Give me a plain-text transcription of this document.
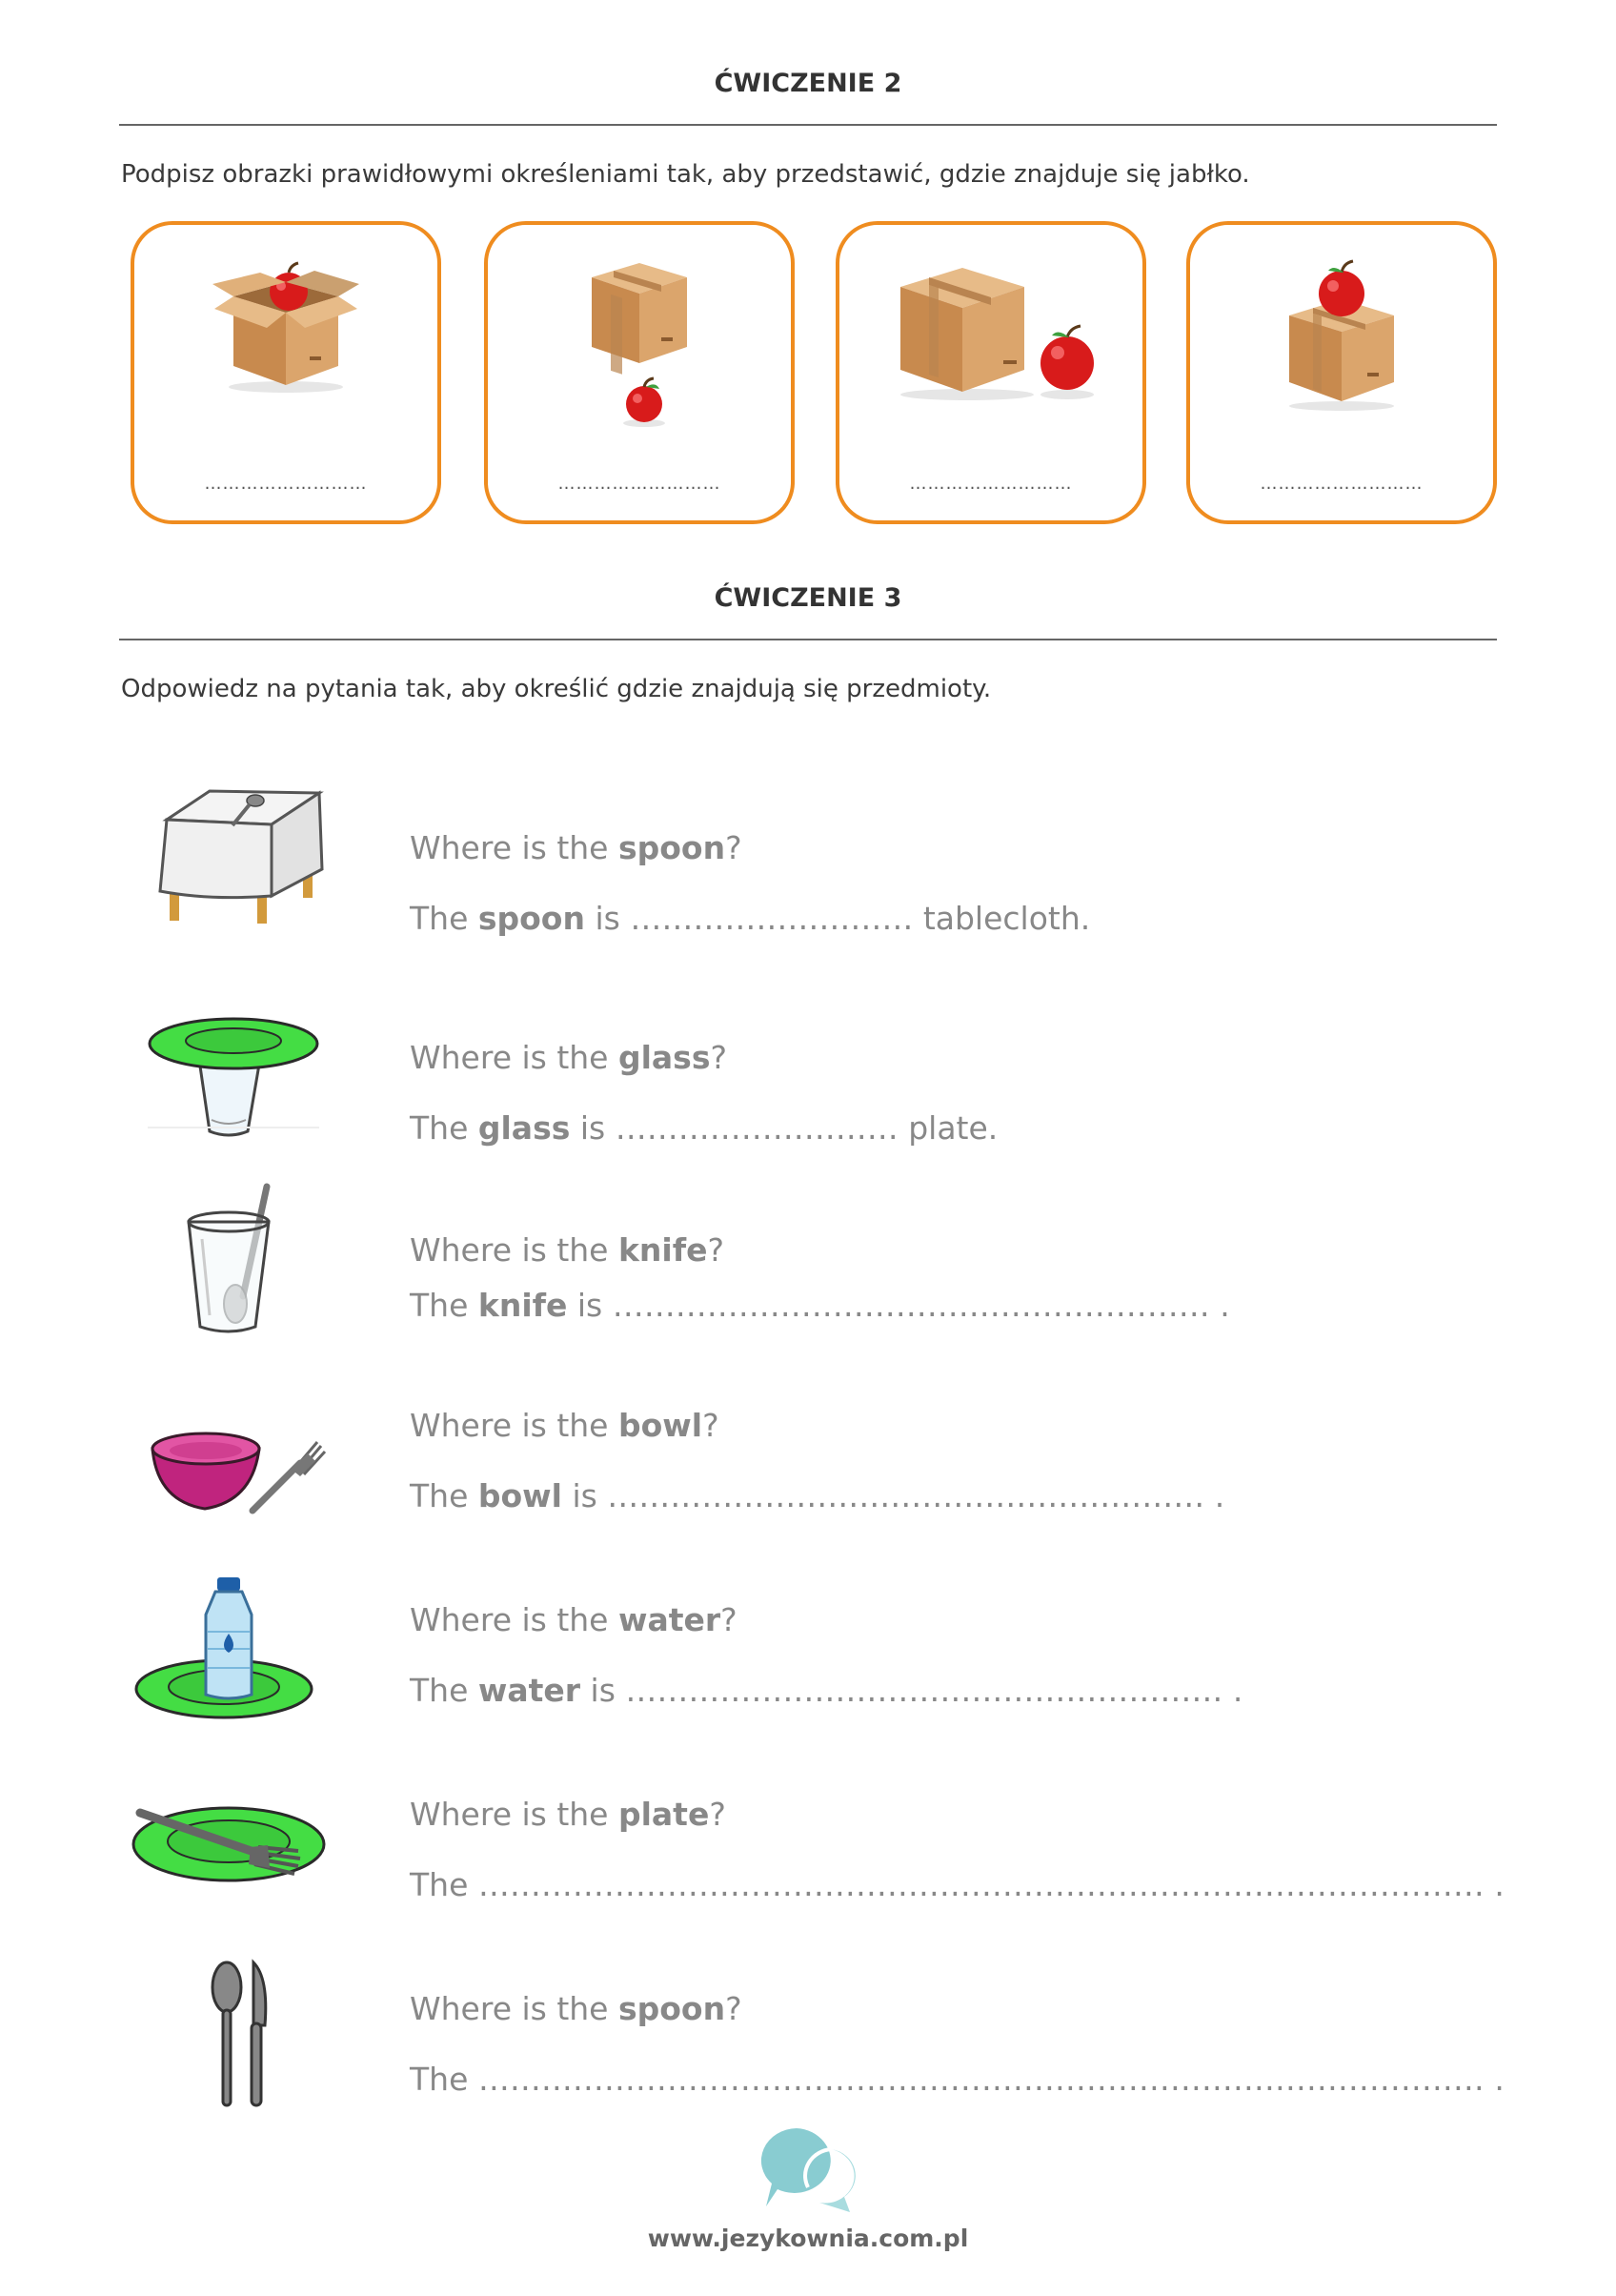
ĆWICZENIE 2
Podpisz obrazki prawidłowymi określeniami tak, aby przedstawić, gdzie znajduje się jabłko.
………………………	………………………	………………………	………………………
ĆWICZENIE 3
Odpowiedz na pytania tak, aby określić gdzie znajdują się przedmioty.
Where is the spoon?
The spoon is ……………………… tablecloth.
Where is the glass?
The glass is ……………………… plate.
Where is the knife?
The knife is ………………………………………………… .
Where is the bowl?
The bowl is ………………………………………………… .
Where is the water?
The water is ………………………………………………… .
Where is the plate?
The …………………………………………………………………………………… .
Where is the spoon?
The …………………………………………………………………………………… .
www.jezykownia.com.pl
